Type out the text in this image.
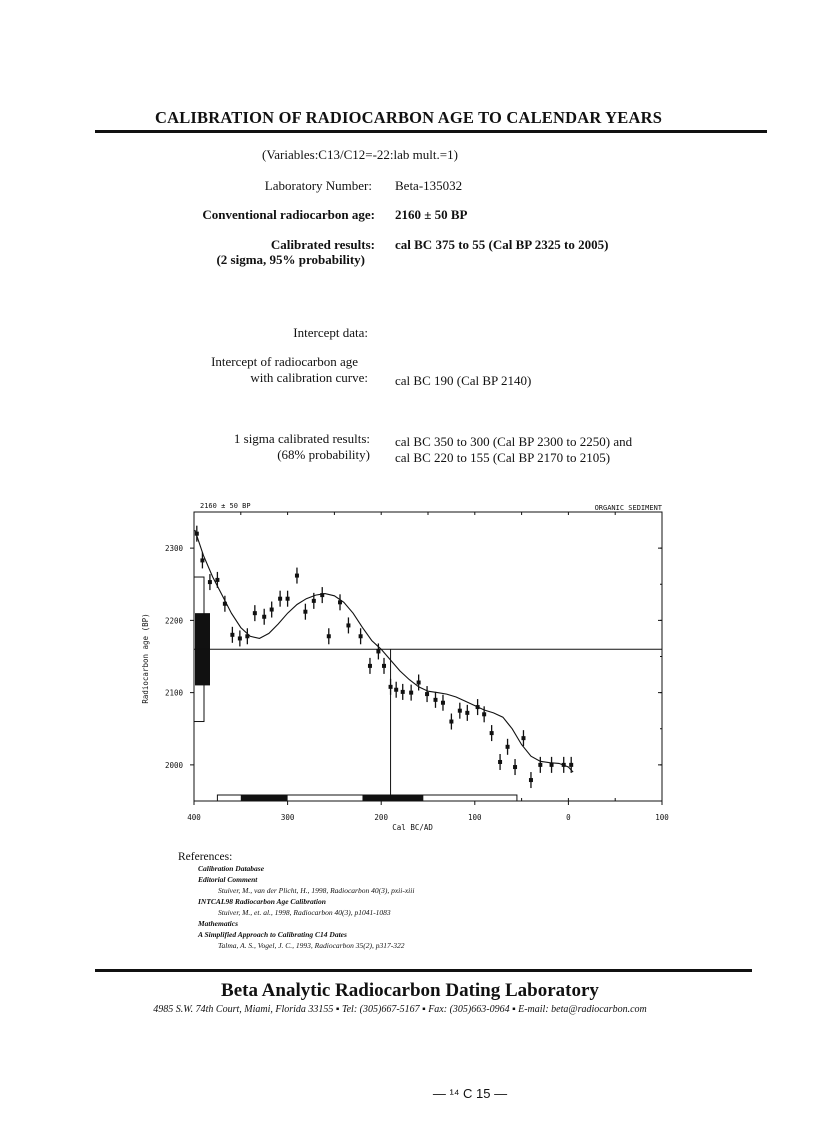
CALIBRATION OF RADIOCARBON AGE TO CALENDAR YEARS
(Variables:C13/C12=-22:lab mult.=1)
Laboratory Number: Beta-135032
Conventional radiocarbon age: 2160 ± 50 BP
Calibrated results:
(2 sigma, 95% probability)
cal BC 375 to 55 (Cal BP 2325 to 2005)
Intercept data:
Intercept of radiocarbon age
with calibration curve: cal BC 190 (Cal BP 2140)
1 sigma calibrated results:
(68% probability)
cal BC 350 to 300 (Cal BP 2300 to 2250) and
cal BC 220 to 155 (Cal BP 2170 to 2105)
400	300	200	100	0	100
2000
2100
2200
2300
2160 ± 50 BP	ORGANIC SEDIMENT
Cal BC/AD
Radiocarbon age (BP)
References:
Calibration Database
Editorial Comment
Stuiver, M., van der Plicht, H., 1998, Radiocarbon 40(3), pxii-xiii
INTCAL98 Radiocarbon Age Calibration
Stuiver, M., et. al., 1998, Radiocarbon 40(3), p1041-1083
Mathematics
A Simplified Approach to Calibrating C14 Dates
Talma, A. S., Vogel, J. C., 1993, Radiocarbon 35(2), p317-322
Beta Analytic Radiocarbon Dating Laboratory
4985 S.W. 74th Court, Miami, Florida 33155 ▪ Tel: (305)667-5167 ▪ Fax: (305)663-0964 ▪ E-mail: beta@radiocarbon.com
— ¹⁴ C 15 —
